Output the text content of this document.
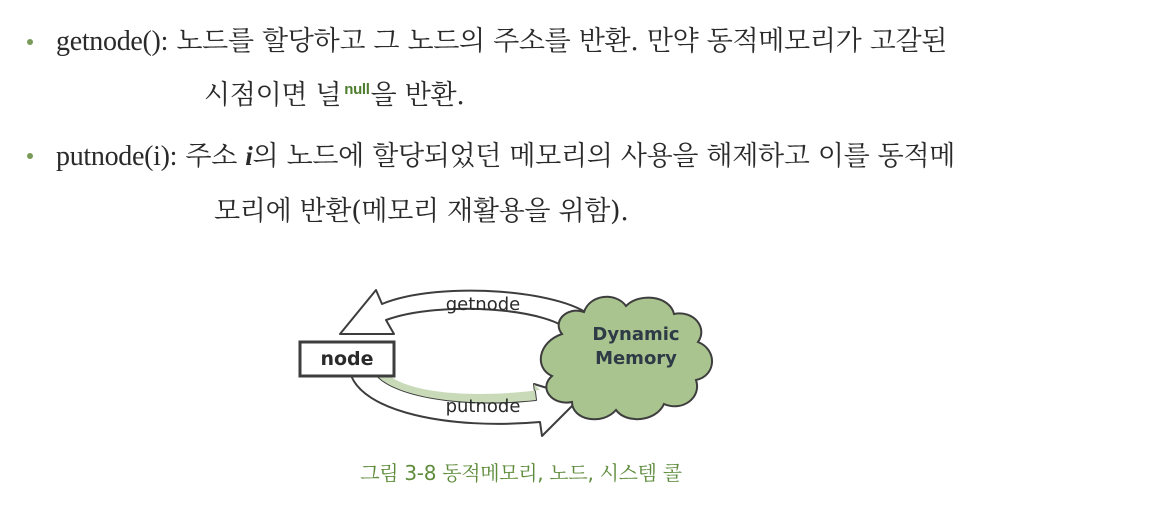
getnode(): 노드를 할당하고 그 노드의 주소를 반환. 만약 동적메모리가 고갈된
시점이면 널 $^{null}$을 반환.
putnode(i): 주소 i의 노드에 할당되었던 메모리의 사용을 해제하고 이를 동적메
모리에 반환(메모리 재활용을 위함).
node
Dynamic
Memory
getnode
putnode
그림 3-8 동적메모리, 노드, 시스템 콜
